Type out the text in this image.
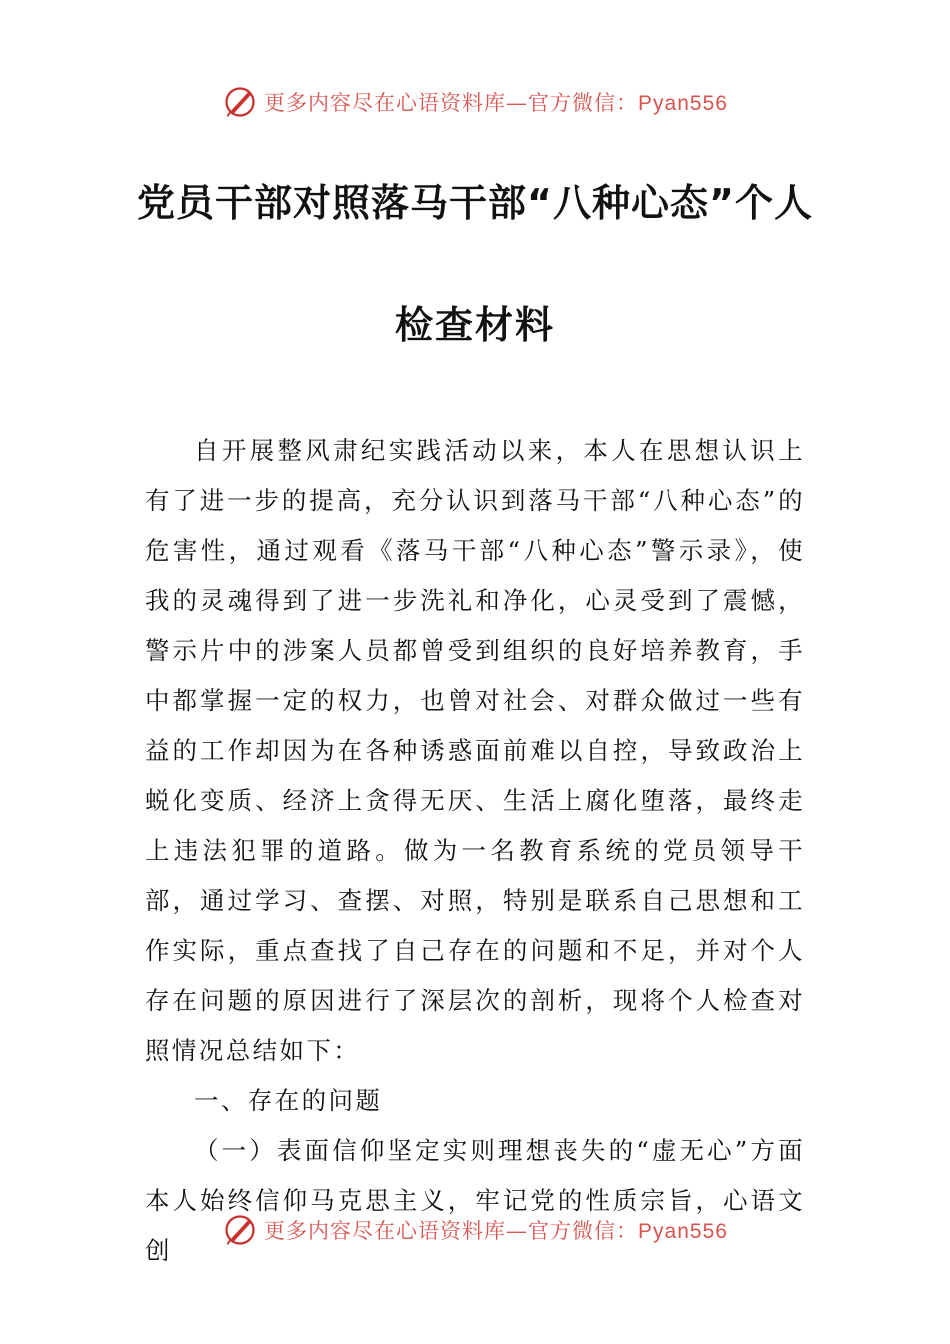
更多内容尽在心语资料库—官方微信：Pyan556
党员干部对照落马干部“八种心态”个人
检查材料

自开展整风肃纪实践活动以来，本人在思想认识上有了进一步的提高，充分认识到落马干部“八种心态”的危害性，通过观看《落马干部“八种心态”警示录》，使我的灵魂得到了进一步洗礼和净化，心灵受到了震憾，警示片中的涉案人员都曾受到组织的良好培养教育，手中都掌握一定的权力，也曾对社会、对群众做过一些有益的工作却因为在各种诱惑面前难以自控，导致政治上蜕化变质、经济上贪得无厌、生活上腐化堕落，最终走上违法犯罪的道路。做为一名教育系统的党员领导干部，通过学习、查摆、对照，特别是联系自己思想和工作实际，重点查找了自己存在的问题和不足，并对个人存在问题的原因进行了深层次的剖析，现将个人检查对照情况总结如下：

一、存在的问题

（一）表面信仰坚定实则理想丧失的“虚无心”方面本人始终信仰马克思主义，牢记党的性质宗旨，心语文创

更多内容尽在心语资料库—官方微信：Pyan556
